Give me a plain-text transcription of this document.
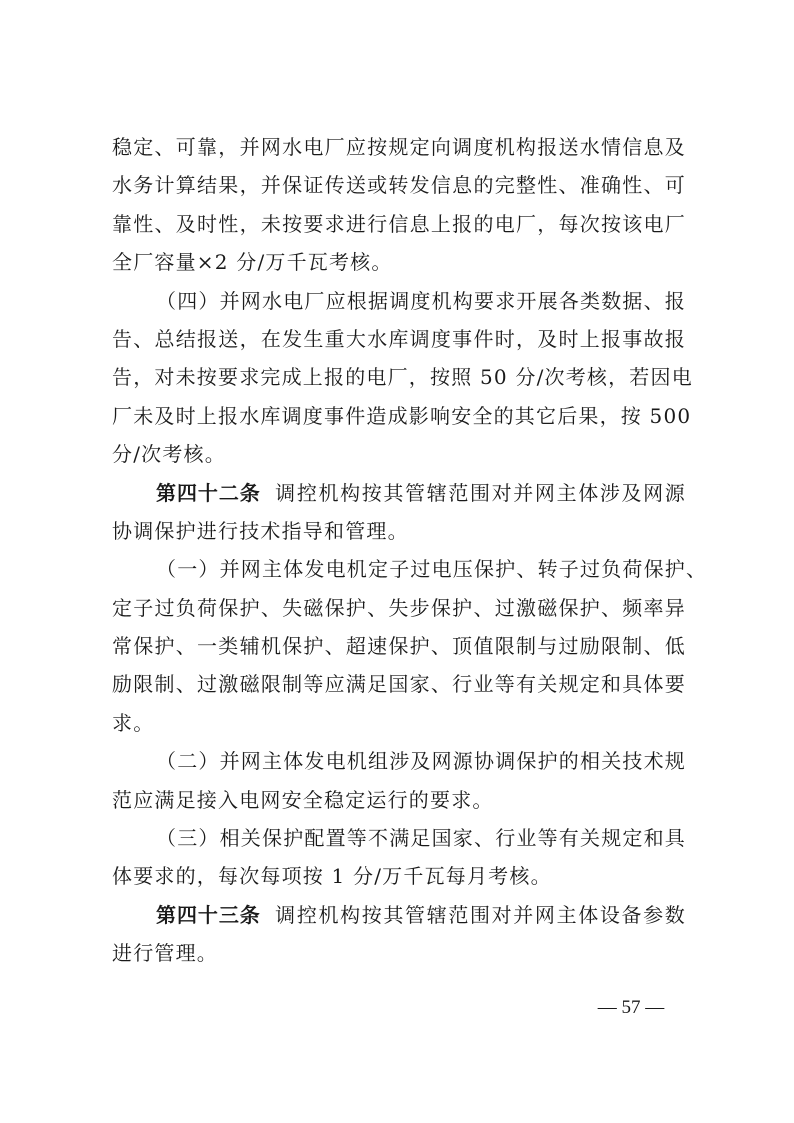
稳定、可靠，并网水电厂应按规定向调度机构报送水情信息及
水务计算结果，并保证传送或转发信息的完整性、准确性、可
靠性、及时性，未按要求进行信息上报的电厂，每次按该电厂
全厂容量×2 分/万千瓦考核。
（四）并网水电厂应根据调度机构要求开展各类数据、报
告、总结报送，在发生重大水库调度事件时，及时上报事故报
告，对未按要求完成上报的电厂，按照 50 分/次考核，若因电
厂未及时上报水库调度事件造成影响安全的其它后果，按 500
分/次考核。
第四十二条 调控机构按其管辖范围对并网主体涉及网源
协调保护进行技术指导和管理。
（一）并网主体发电机定子过电压保护、转子过负荷保护、
定子过负荷保护、失磁保护、失步保护、过激磁保护、频率异
常保护、一类辅机保护、超速保护、顶值限制与过励限制、低
励限制、过激磁限制等应满足国家、行业等有关规定和具体要
求。
（二）并网主体发电机组涉及网源协调保护的相关技术规
范应满足接入电网安全稳定运行的要求。
（三）相关保护配置等不满足国家、行业等有关规定和具
体要求的，每次每项按 1 分/万千瓦每月考核。
第四十三条 调控机构按其管辖范围对并网主体设备参数
进行管理。
— 57 —
